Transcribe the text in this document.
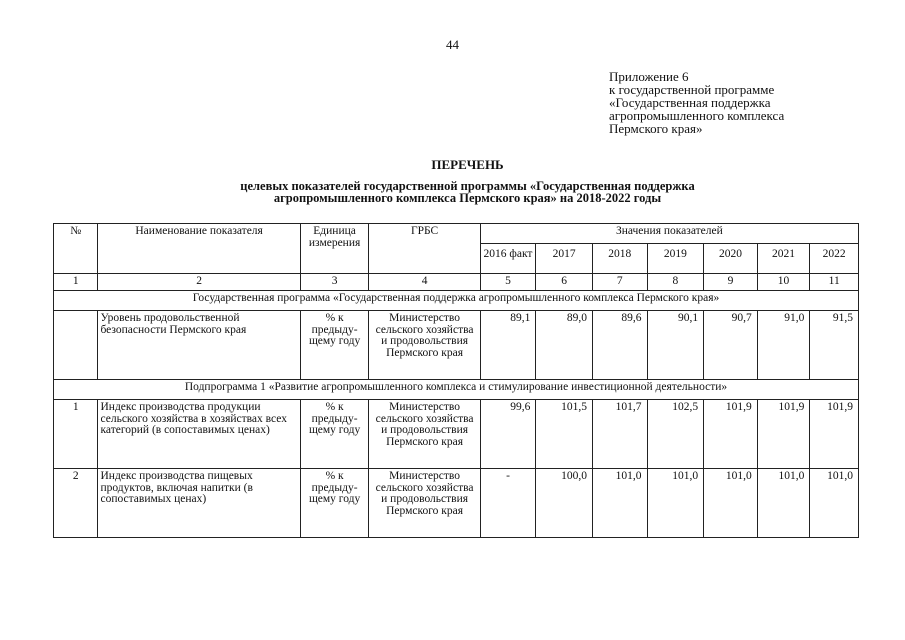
44
Приложение 6
к государственной программе
«Государственная поддержка
агропромышленного комплекса
Пермского края»
ПЕРЕЧЕНЬ
целевых показателей государственной программы «Государственная поддержка
агропромышленного комплекса Пермского края» на 2018-2022 годы
№	Наименование показателя	Единица измерения	ГРБС	Значения показателей						
				2016 факт	2017	2018	2019	2020	2021	2022
1	2	3	4	5	6	7	8	9	10	11
Государственная программа «Государственная поддержка агропромышленного комплекса Пермского края»										
	Уровень продовольственной безопасности Пермского края	% к предыду-щему году	Министерство сельского хозяйства и продовольствия Пермского края	89,1	89,0	89,6	90,1	90,7	91,0	91,5
Подпрограмма 1 «Развитие агропромышленного комплекса и стимулирование инвестиционной деятельности»										
1	Индекс производства продукции сельского хозяйства в хозяйствах всех категорий (в сопоставимых ценах)	% к предыду-щему году	Министерство сельского хозяйства и продовольствия Пермского края	99,6	101,5	101,7	102,5	101,9	101,9	101,9
2	Индекс производства пищевых продуктов, включая напитки (в сопоставимых ценах)	% к предыду-щему году	Министерство сельского хозяйства и продовольствия Пермского края	-	100,0	101,0	101,0	101,0	101,0	101,0
